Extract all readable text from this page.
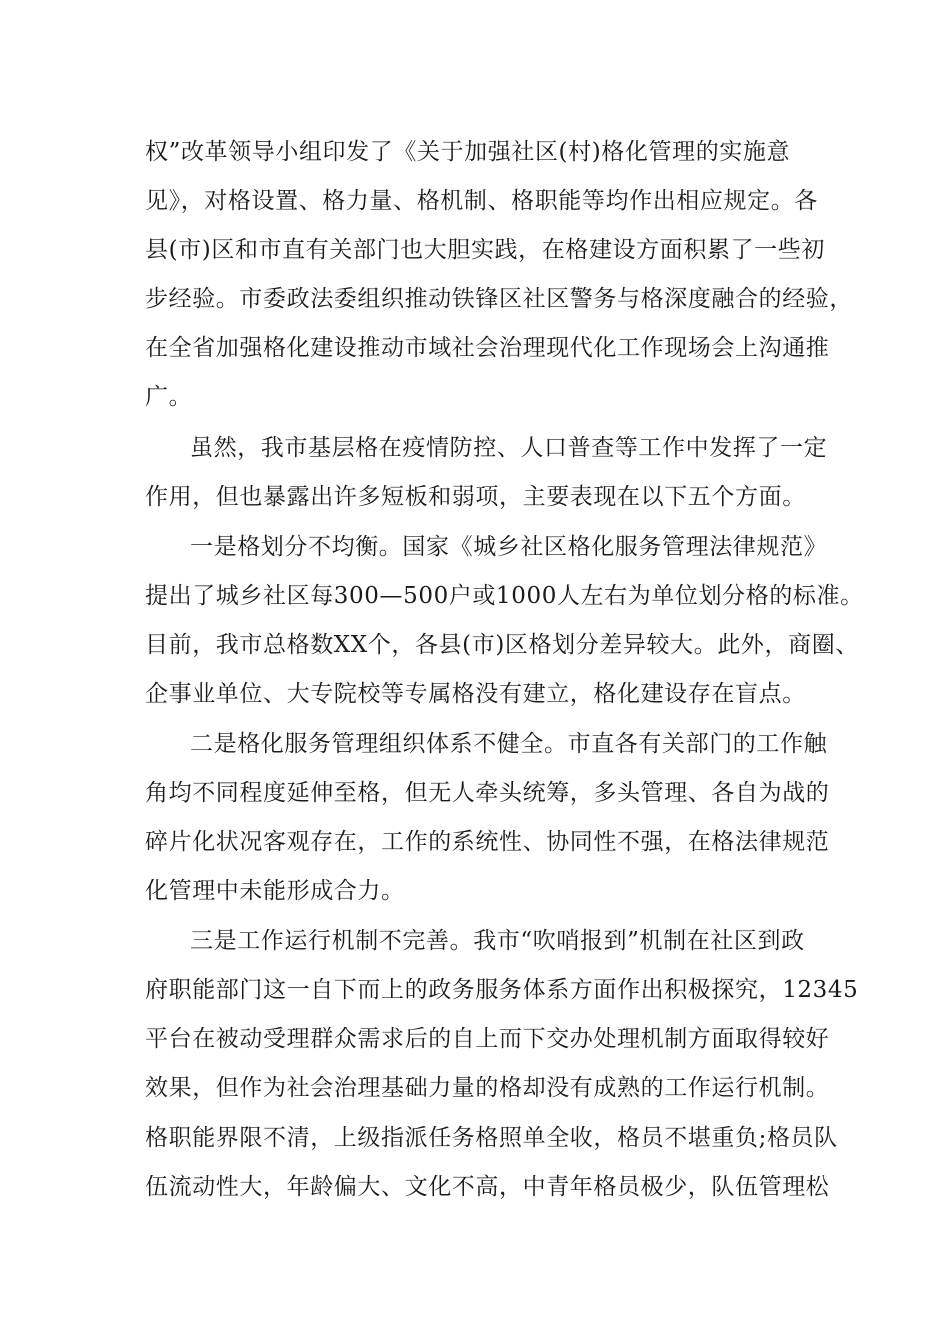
权”改革领导小组印发了《关于加强社区(村)格化管理的实施意
见》，对格设置、格力量、格机制、格职能等均作出相应规定。各
县(市)区和市直有关部门也大胆实践，在格建设方面积累了一些初
步经验。市委政法委组织推动铁锋区社区警务与格深度融合的经验，
在全省加强格化建设推动市域社会治理现代化工作现场会上沟通推
广。
虽然，我市基层格在疫情防控、人口普查等工作中发挥了一定
作用，但也暴露出许多短板和弱项，主要表现在以下五个方面。
一是格划分不均衡。国家《城乡社区格化服务管理法律规范》
提出了城乡社区每300—500户或1000人左右为单位划分格的标准。
目前，我市总格数XX个，各县(市)区格划分差异较大。此外，商圈、
企事业单位、大专院校等专属格没有建立，格化建设存在盲点。
二是格化服务管理组织体系不健全。市直各有关部门的工作触
角均不同程度延伸至格，但无人牵头统筹，多头管理、各自为战的
碎片化状况客观存在，工作的系统性、协同性不强，在格法律规范
化管理中未能形成合力。
三是工作运行机制不完善。我市“吹哨报到”机制在社区到政
府职能部门这一自下而上的政务服务体系方面作出积极探究，12345
平台在被动受理群众需求后的自上而下交办处理机制方面取得较好
效果，但作为社会治理基础力量的格却没有成熟的工作运行机制。
格职能界限不清，上级指派任务格照单全收，格员不堪重负;格员队
伍流动性大，年龄偏大、文化不高，中青年格员极少，队伍管理松
